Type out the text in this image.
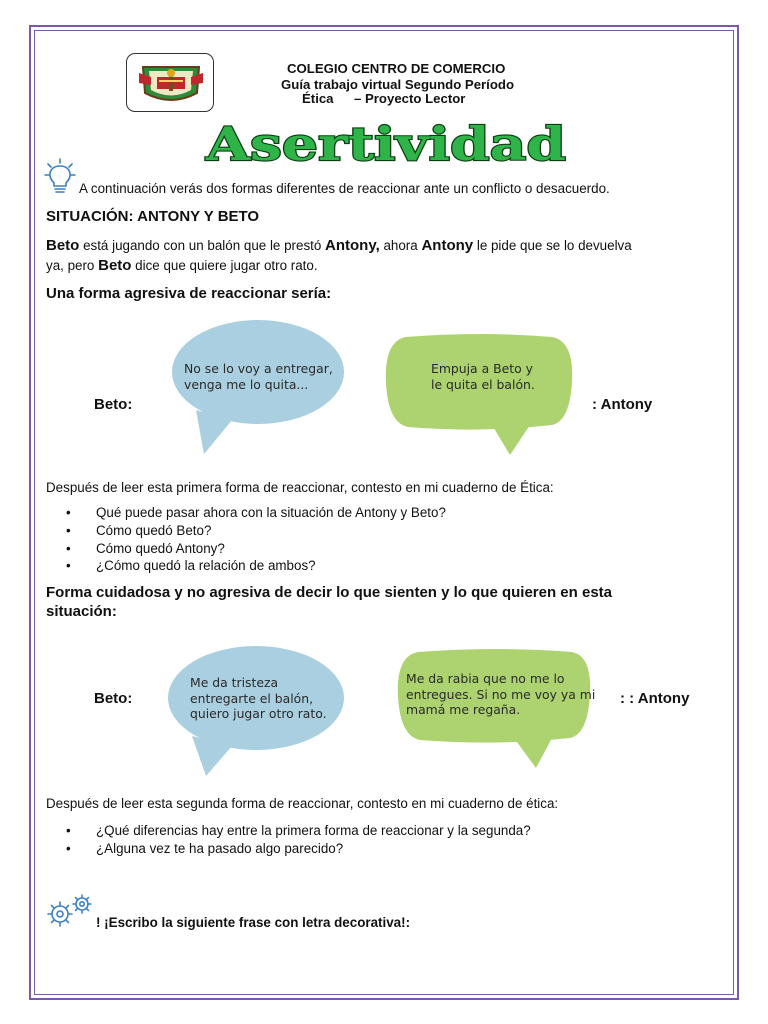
COLEGIO CENTRO DE COMERCIO
Guía trabajo virtual Segundo Período
Ética – Proyecto Lector
Asertividad
A continuación verás dos formas diferentes de reaccionar ante un conflicto o desacuerdo.
SITUACIÓN: ANTONY Y BETO
Beto está jugando con un balón que le prestó Antony, ahora Antony le pide que se lo devuelva
ya, pero Beto dice que quiere jugar otro rato.
Una forma agresiva de reaccionar sería:
Beto:
No se lo voy a entregar,
venga me lo quita...
Empuja a Beto y
le quita el balón.
: Antony
Después de leer esta primera forma de reaccionar, contesto en mi cuaderno de Ética:
• Qué puede pasar ahora con la situación de Antony y Beto?
• Cómo quedó Beto?
• Cómo quedó Antony?
• ¿Cómo quedó la relación de ambos?
Forma cuidadosa y no agresiva de decir lo que sienten y lo que quieren en esta
situación:
Beto:
Me da tristeza
entregarte el balón,
quiero jugar otro rato.
Me da rabia que no me lo
entregues. Si no me voy ya mi
mamá me regaña.
: : Antony
Después de leer esta segunda forma de reaccionar, contesto en mi cuaderno de ética:
• ¿Qué diferencias hay entre la primera forma de reaccionar y la segunda?
• ¿Alguna vez te ha pasado algo parecido?
! ¡Escribo la siguiente frase con letra decorativa!:
